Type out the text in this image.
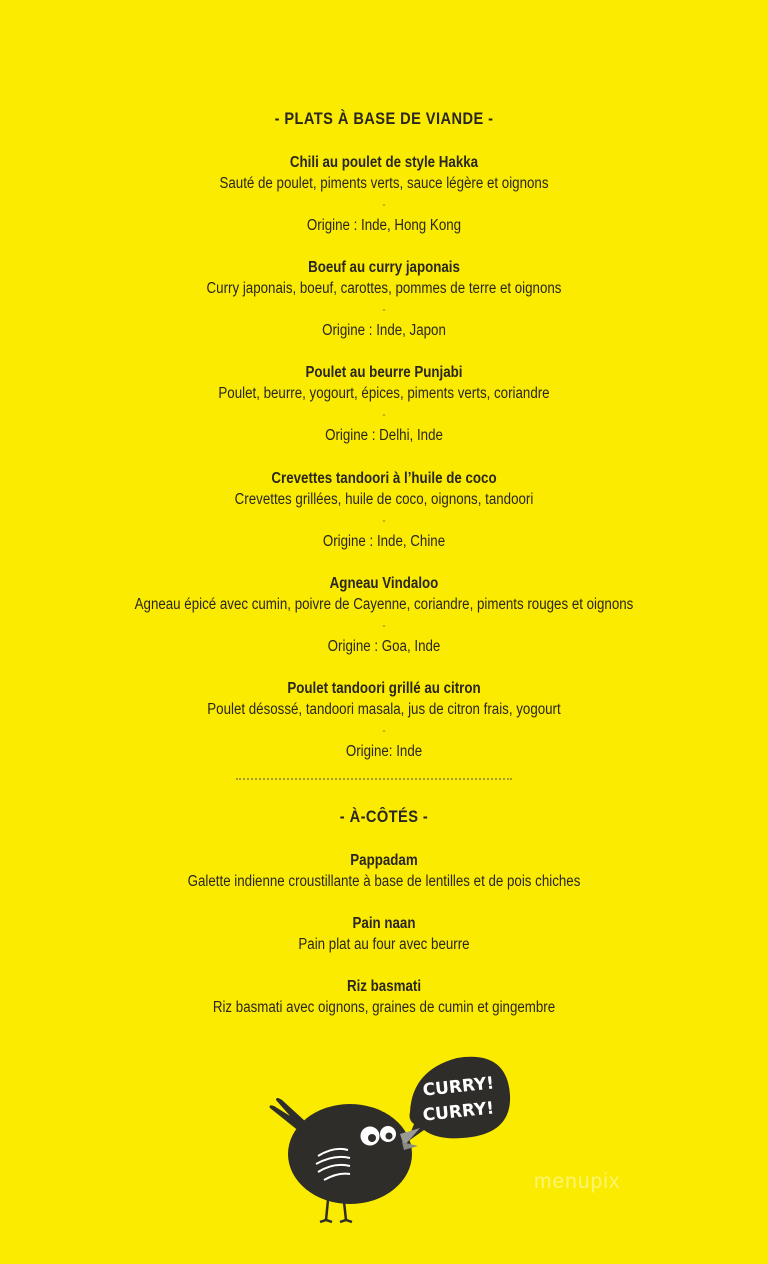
- PLATS À BASE DE VIANDE -
Chili au poulet de style Hakka
Sauté de poulet, piments verts, sauce légère et oignons
-
Origine : Inde, Hong Kong
Boeuf au curry japonais
Curry japonais, boeuf, carottes, pommes de terre et oignons
-
Origine : Inde, Japon
Poulet au beurre Punjabi
Poulet, beurre, yogourt, épices, piments verts, coriandre
-
Origine : Delhi, Inde
Crevettes tandoori à l’huile de coco
Crevettes grillées, huile de coco, oignons, tandoori
-
Origine : Inde, Chine
Agneau Vindaloo
Agneau épicé avec cumin, poivre de Cayenne, coriandre, piments rouges et oignons
-
Origine : Goa, Inde
Poulet tandoori grillé au citron
Poulet désossé, tandoori masala, jus de citron frais, yogourt
-
Origine: Inde
- À-CÔTÉS -
Pappadam
Galette indienne croustillante à base de lentilles et de pois chiches
Pain naan
Pain plat au four avec beurre
Riz basmati
Riz basmati avec oignons, graines de cumin et gingembre
CURRY!
CURRY!
menupix
